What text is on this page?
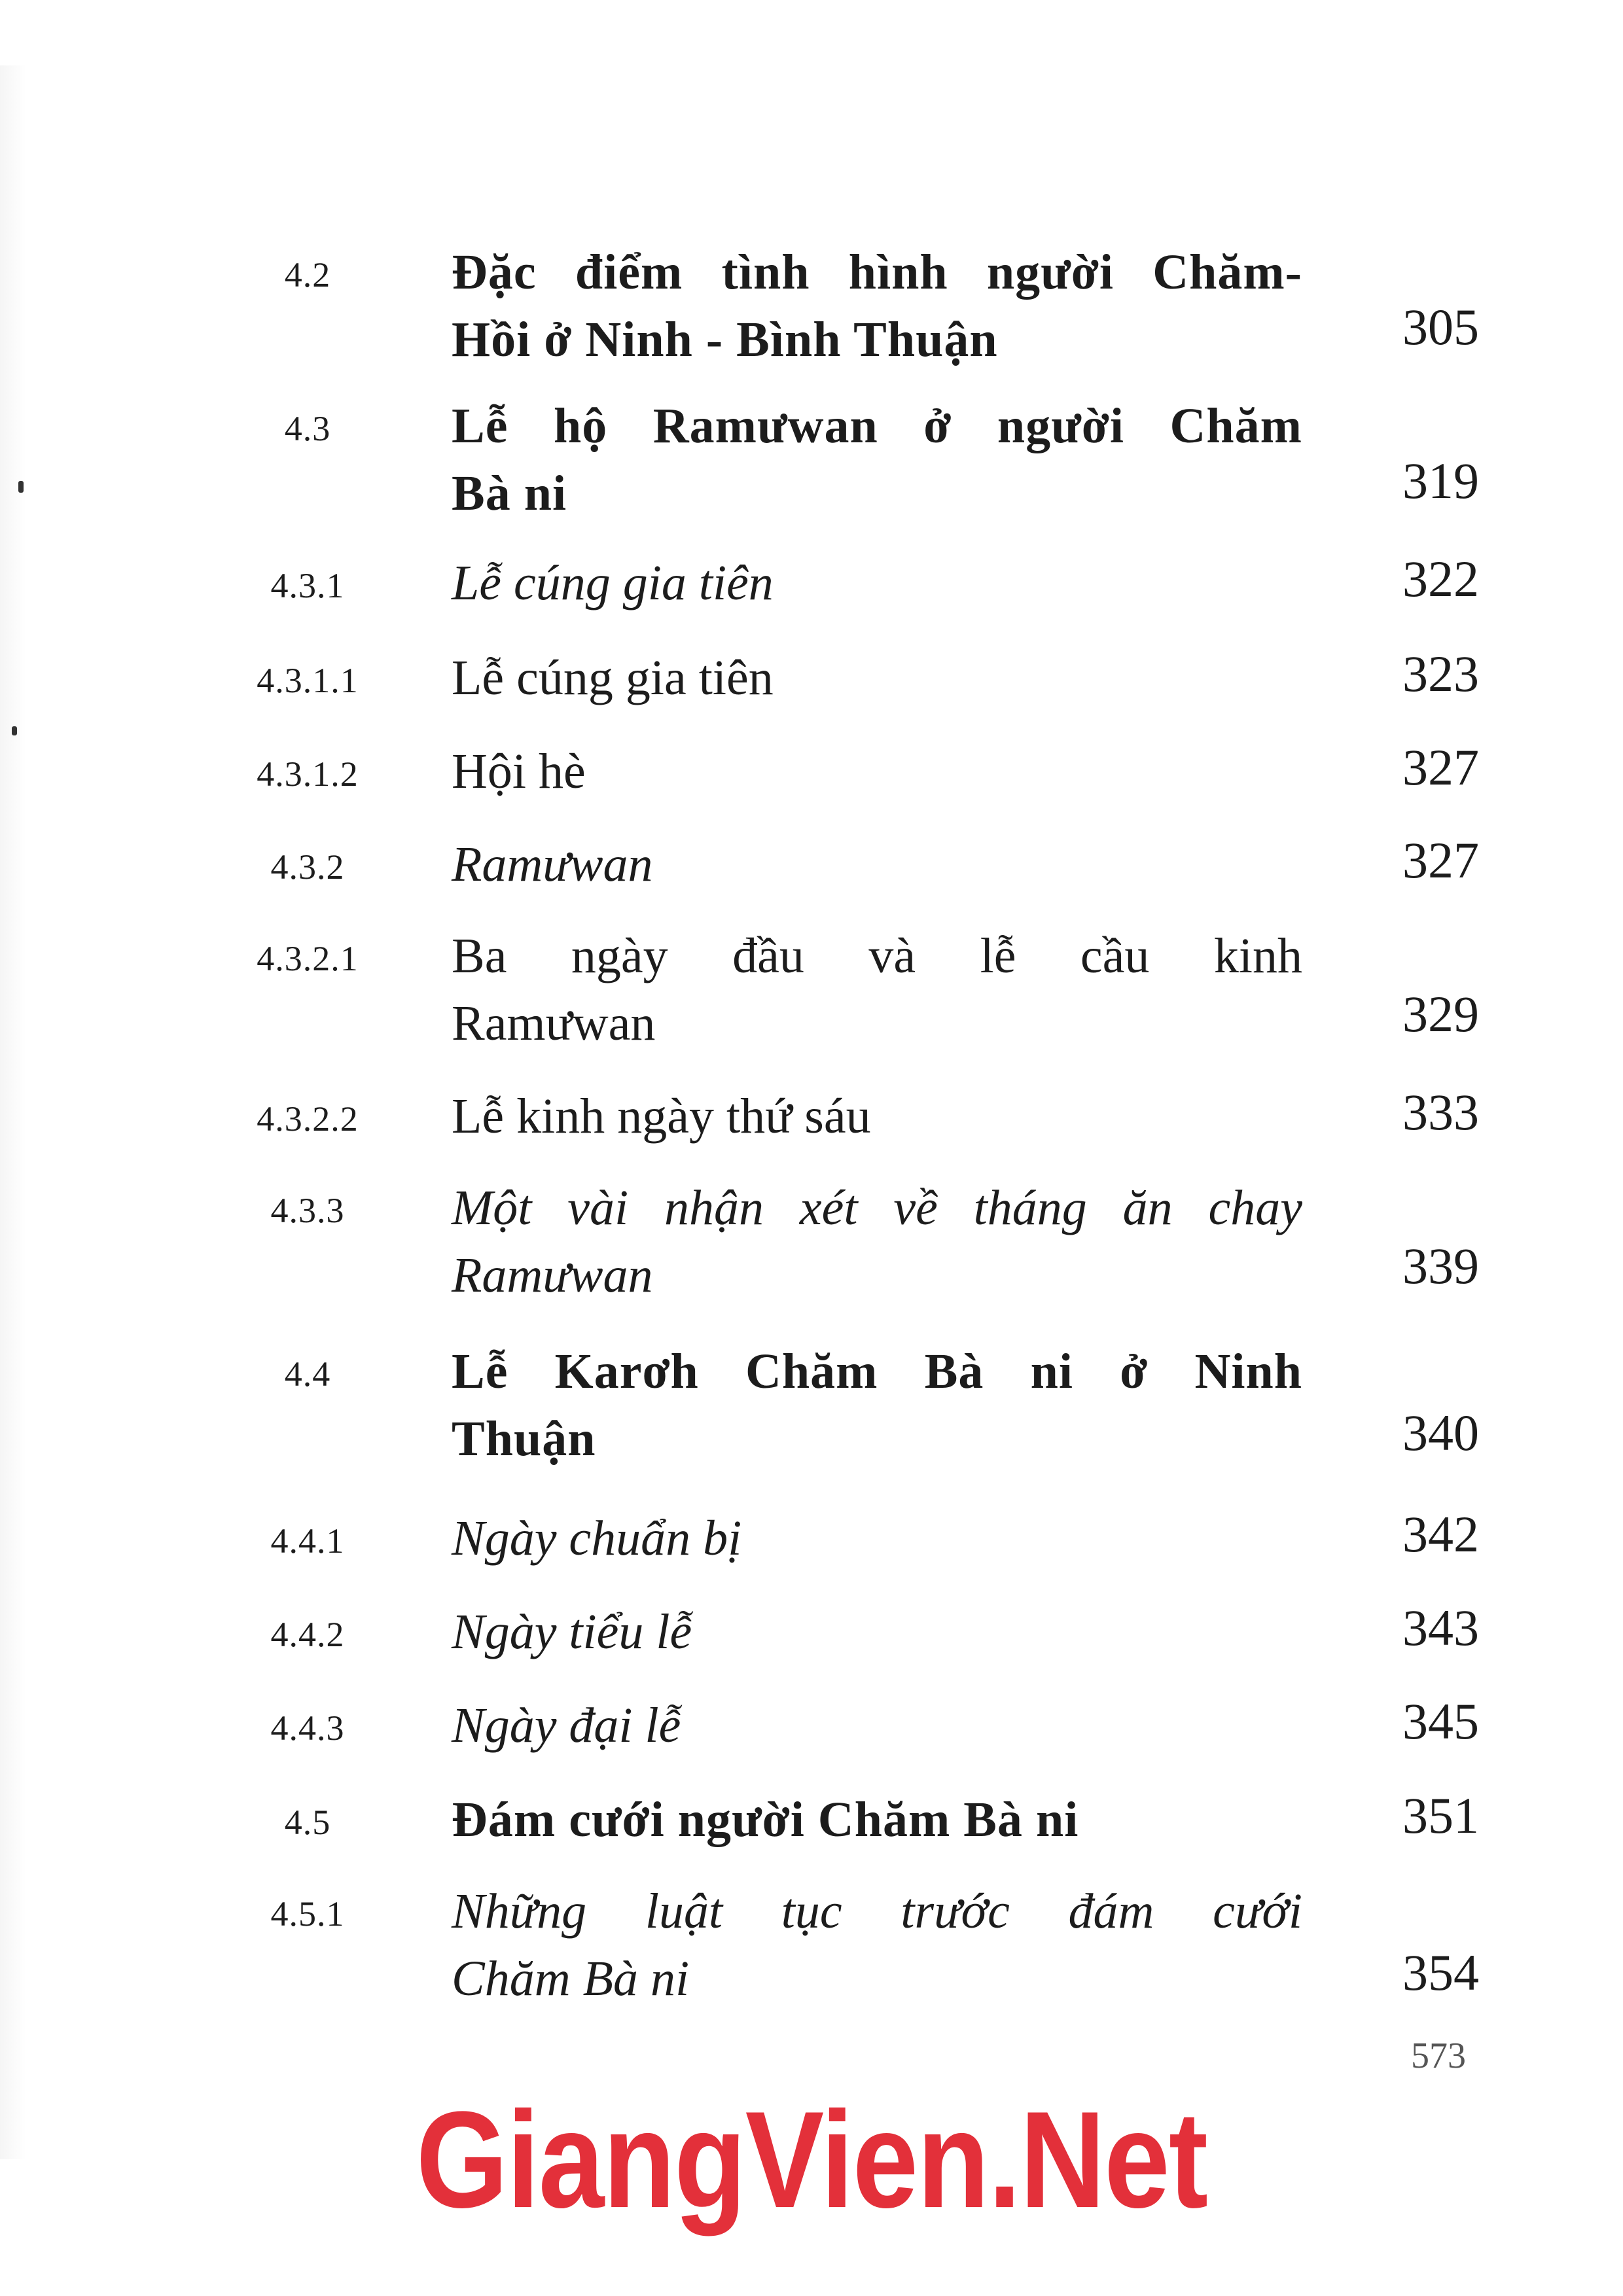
4.2	Đặc điểm tình hình người Chăm-
Hồi ở Ninh - Bình Thuận	305
4.3	Lễ hộ Ramưwan ở người Chăm
Bà ni	319
4.3.1	Lễ cúng gia tiên	322
4.3.1.1	Lễ cúng gia tiên	323
4.3.1.2	Hội hè	327
4.3.2	Ramưwan	327
4.3.2.1	Ba ngày đầu và lễ cầu kinh
Ramưwan	329
4.3.2.2	Lễ kinh ngày thứ sáu	333
4.3.3	Một vài nhận xét về tháng ăn chay
Ramưwan	339
4.4	Lễ Karơh Chăm Bà ni ở Ninh
Thuận	340
4.4.1	Ngày chuẩn bị	342
4.4.2	Ngày tiểu lễ	343
4.4.3	Ngày đại lễ	345
4.5	Đám cưới người Chăm Bà ni	351
4.5.1	Những luật tục trước đám cưới
Chăm Bà ni	354
573
GiangVien.Net
